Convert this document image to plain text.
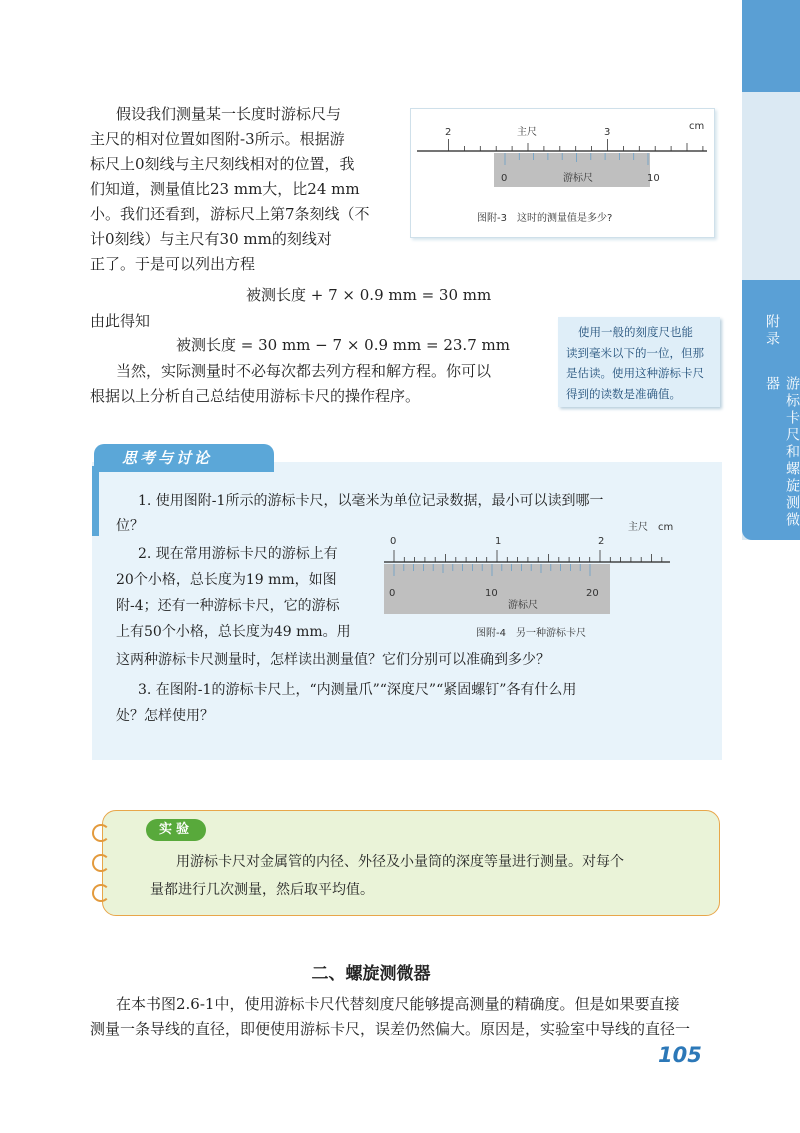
附录
游标卡尺和螺旋测微器
假设我们测量某一长度时游标尺与
主尺的相对位置如图附-3所示。根据游
标尺上0刻线与主尺刻线相对的位置，我
们知道，测量值比23 mm大，比24 mm
小。我们还看到，游标尺上第7条刻线（不
计0刻线）与主尺有30 mm的刻线对
正了。于是可以列出方程
被测长度 + 7 × 0.9 mm = 30 mm
由此得知
被测长度 = 30 mm − 7 × 0.9 mm = 23.7 mm
当然，实际测量时不必每次都去列方程和解方程。你可以
根据以上分析自己总结使用游标卡尺的操作程序。
2	3
主尺
cm
0	10
游标尺
图附-3　这时的测量值是多少?
使用一般的刻度尺也能
读到毫米以下的一位，但那
是估读。使用这种游标卡尺
得到的读数是准确值。
思考与讨论
1. 使用图附-1所示的游标卡尺，以毫米为单位记录数据，最小可以读到哪一
位？
2. 现在常用游标卡尺的游标上有
20个小格，总长度为19 mm，如图
附-4；还有一种游标卡尺，它的游标
上有50个小格，总长度为49 mm。用
这两种游标卡尺测量时，怎样读出测量值？它们分别可以准确到多少？
3. 在图附-1的游标卡尺上，“内测量爪”“深度尺”“紧固螺钉”各有什么用
处？怎样使用？
0	1	2
主尺 cm
0	10	20
游标尺
图附-4　另一种游标卡尺
实验
用游标卡尺对金属管的内径、外径及小量筒的深度等量进行测量。对每个
量都进行几次测量，然后取平均值。
二、螺旋测微器
在本书图2.6-1中，使用游标卡尺代替刻度尺能够提高测量的精确度。但是如果要直接
测量一条导线的直径，即便使用游标卡尺，误差仍然偏大。原因是，实验室中导线的直径一
105
